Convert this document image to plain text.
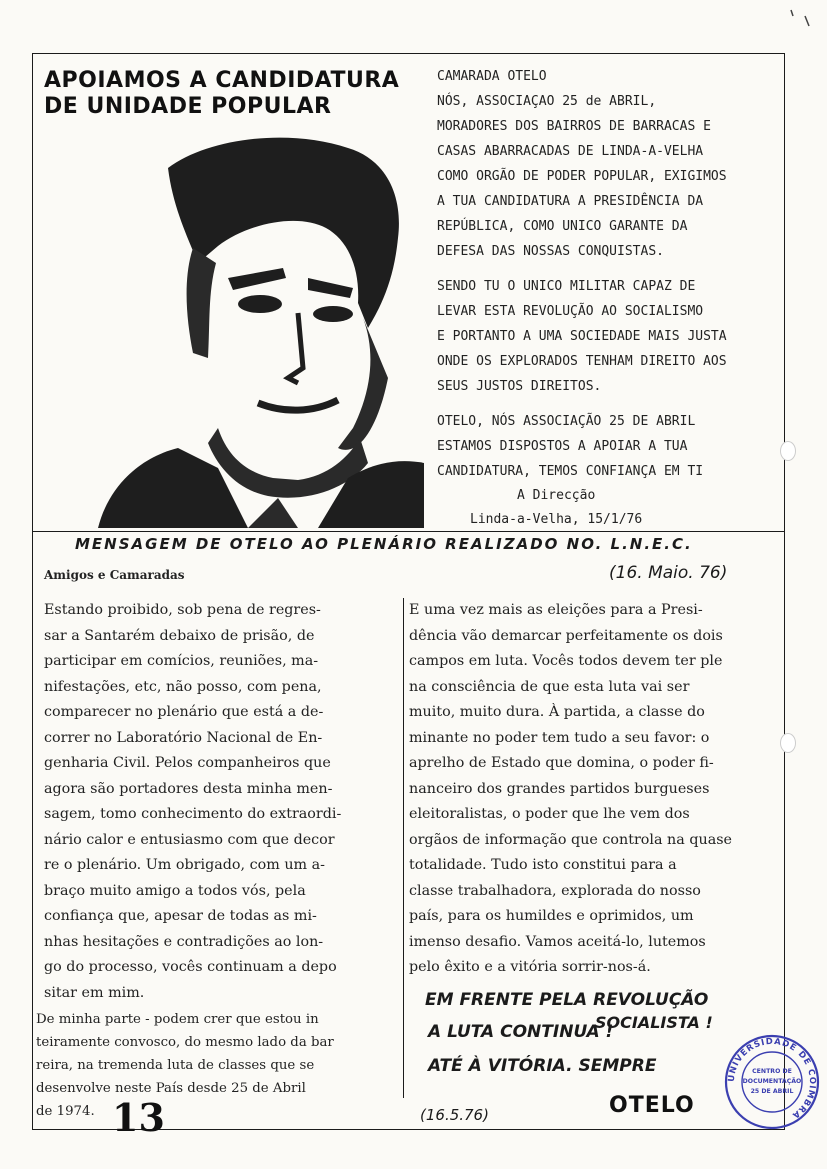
APOIAMOS A CANDIDATURA
DE UNIDADE POPULAR
CAMARADA OTELO
NÓS, ASSOCIAÇAO 25 de ABRIL,
MORADORES DOS BAIRROS DE BARRACAS E
CASAS ABARRACADAS DE LINDA-A-VELHA
COMO ORGÃO DE PODER POPULAR, EXIGIMOS
A TUA CANDIDATURA A PRESIDÊNCIA DA
REPÚBLICA, COMO UNICO GARANTE DA
DEFESA DAS NOSSAS CONQUISTAS.
SENDO TU O UNICO MILITAR CAPAZ DE
LEVAR ESTA REVOLUÇÃO AO SOCIALISMO
E PORTANTO A UMA SOCIEDADE MAIS JUSTA
ONDE OS EXPLORADOS TENHAM DIREITO AOS
SEUS JUSTOS DIREITOS.
OTELO, NÓS ASSOCIAÇÃO 25 DE ABRIL
ESTAMOS DISPOSTOS A APOIAR A TUA
CANDIDATURA, TEMOS CONFIANÇA EM TI
A Direcção
Linda-a-Velha, 15/1/76
MENSAGEM DE OTELO AO PLENÁRIO REALIZADO NO. L.N.E.C.
(16. Maio. 76)
Amigos e Camaradas
Estando proibido, sob pena de regres-
sar a Santarém debaixo de prisão, de
participar em comícios, reuniões, ma-
nifestações, etc, não posso, com pena,
comparecer no plenário que está a de-
correr no Laboratório Nacional de En-
genharia Civil. Pelos companheiros que
agora são portadores desta minha men-
sagem, tomo conhecimento do extraordi-
nário calor e entusiasmo com que decor
re o plenário. Um obrigado, com um a-
braço muito amigo a todos vós, pela
confiança que, apesar de todas as mi-
nhas hesitações e contradições ao lon-
go do processo, vocês continuam a depo
sitar em mim.
De minha parte - podem crer que estou in
teiramente convosco, do mesmo lado da bar
reira, na tremenda luta de classes que se
desenvolve neste País desde 25 de Abril
de 1974.
E uma vez mais as eleições para a Presi-
dência vão demarcar perfeitamente os dois
campos em luta. Vocês todos devem ter ple
na consciência de que esta luta vai ser
muito, muito dura. À partida, a classe do
minante no poder tem tudo a seu favor: o
aprelho de Estado que domina, o poder fi-
nanceiro dos grandes partidos burgueses
eleitoralistas, o poder que lhe vem dos
orgãos de informação que controla na quase
totalidade. Tudo isto constitui para a
classe trabalhadora, explorada do nosso
país, para os humildes e oprimidos, um
imenso desafio. Vamos aceitá-lo, lutemos
pelo êxito e a vitória sorrir-nos-á.
EM FRENTE PELA REVOLUÇÃO
SOCIALISTA !
A LUTA CONTINUA !
ATÉ À VITÓRIA. SEMPRE
(16.5.76)	OTELO
13
UNIVERSIDADE DE COIMBRA
CENTRO DE
DOCUMENTAÇÃO
25 DE ABRIL
